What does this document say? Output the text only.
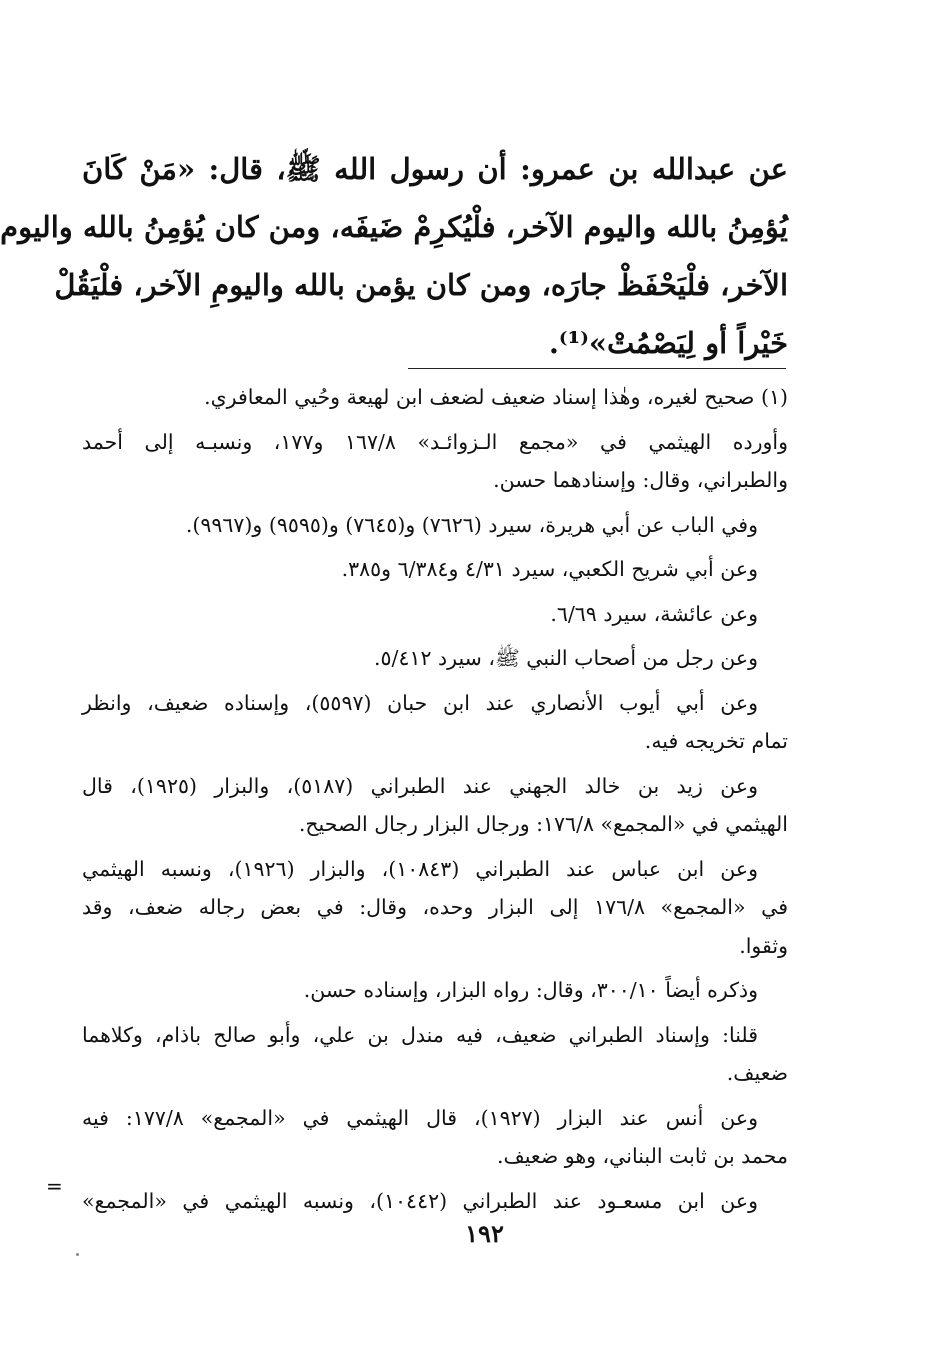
عن عبدالله بن عمرو: أن رسول الله ﷺ، قال: «مَنْ كَانَ
يُؤمِنُ بالله واليوم الآخر، فلْيُكرِمْ ضَيفَه، ومن كان يُؤمِنُ بالله واليوم
الآخر، فلْيَحْفَظْ جارَه، ومن كان يؤمن بالله واليومِ الآخر، فلْيَقُلْ
خَيْراً أو لِيَصْمُتْ»⁽¹⁾.
(١) صحيح لغيره، وهٰذا إسناد ضعيف لضعف ابن لهيعة وحُيي المعافري.
وأورده الهيثمي في «مجمع الـزوائـد» ١٦٧/٨ و١٧٧، ونسبـه إلى أحمد
والطبراني، وقال: وإسنادهما حسن.
وفي الباب عن أبي هريرة، سيرد (٧٦٢٦) و(٧٦٤٥) و(٩٥٩٥) و(٩٩٦٧).
وعن أبي شريح الكعبي، سيرد ٤/٣١ و٦/٣٨٤ و٣٨٥.
وعن عائشة، سيرد ٦/٦٩.
وعن رجل من أصحاب النبي ﷺ، سيرد ٥/٤١٢.
وعن أبي أيوب الأنصاري عند ابن حبان (٥٥٩٧)، وإسناده ضعيف، وانظر
تمام تخريجه فيه.
وعن زيد بن خالد الجهني عند الطبراني (٥١٨٧)، والبزار (١٩٢٥)، قال
الهيثمي في «المجمع» ١٧٦/٨: ورجال البزار رجال الصحيح.
وعن ابن عباس عند الطبراني (١٠٨٤٣)، والبزار (١٩٢٦)، ونسبه الهيثمي
في «المجمع» ١٧٦/٨ إلى البزار وحده، وقال: في بعض رجاله ضعف، وقد
وثقوا.
وذكره أيضاً ٣٠٠/١٠، وقال: رواه البزار، وإسناده حسن.
قلنا: وإسناد الطبراني ضعيف، فيه مندل بن علي، وأبو صالح باذام، وكلاهما
ضعيف.
وعن أنس عند البزار (١٩٢٧)، قال الهيثمي في «المجمع» ١٧٧/٨: فيه
محمد بن ثابت البناني، وهو ضعيف.
وعن ابن مسعـود عند الطبراني (١٠٤٤٢)، ونسبه الهيثمي في «المجمع»
=
١٩٢
